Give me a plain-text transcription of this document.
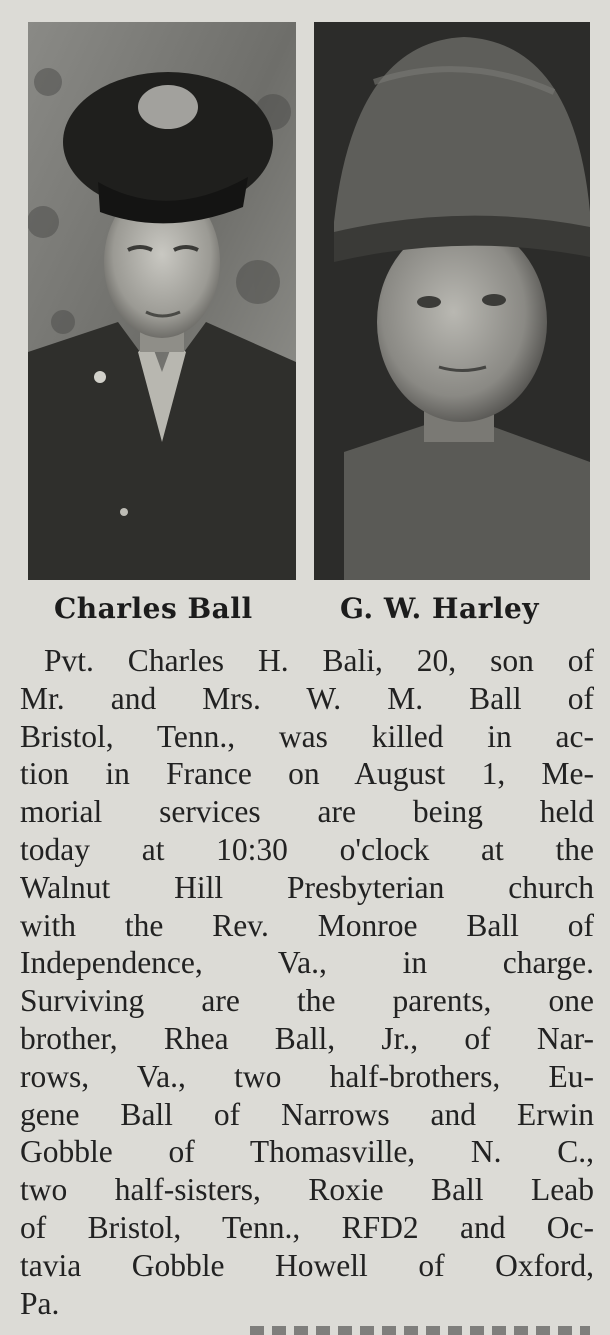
Charles Ball	G. W. Harley
Pvt. Charles H. Bali, 20, son of
Mr. and Mrs. W. M. Ball of
Bristol, Tenn., was killed in ac-
tion in France on August 1, Me-
morial services are being held
today at 10:30 o'clock at the
Walnut Hill Presbyterian church
with the Rev. Monroe Ball of
Independence, Va., in charge.
Surviving are the parents, one
brother, Rhea Ball, Jr., of Nar-
rows, Va., two half-brothers, Eu-
gene Ball of Narrows and Erwin
Gobble of Thomasville, N. C.,
two half-sisters, Roxie Ball Leab
of Bristol, Tenn., RFD2 and Oc-
tavia Gobble Howell of Oxford,
Pa.
